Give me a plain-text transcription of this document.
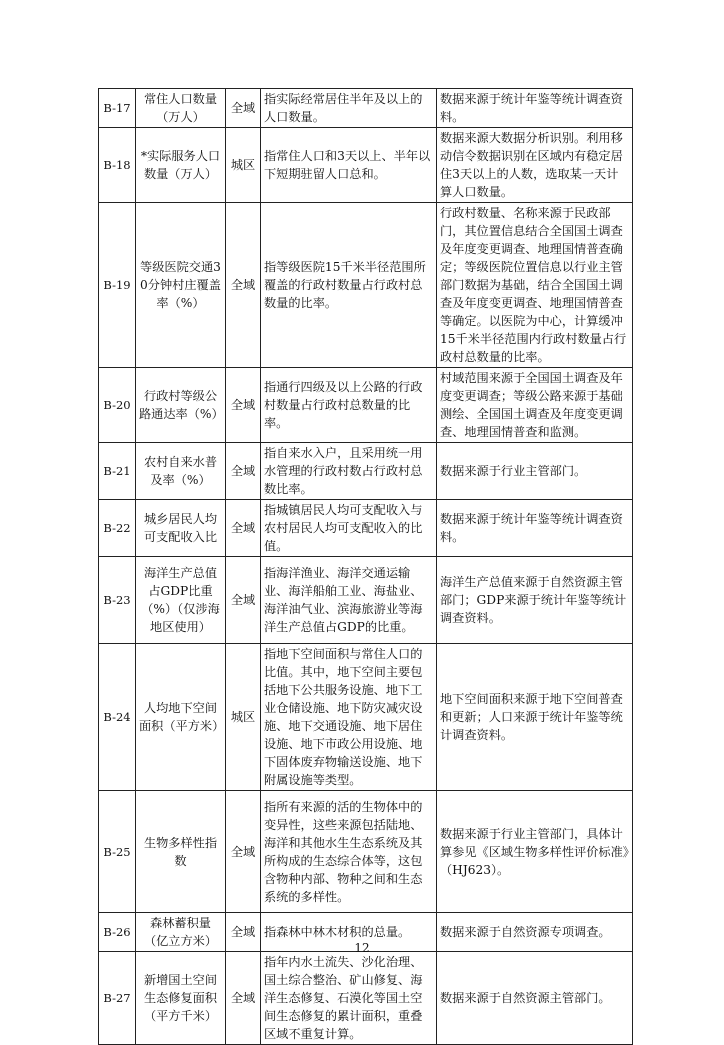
B-17	常住人口数量（万人）	全域	指实际经常居住半年及以上的人口数量。	数据来源于统计年鉴等统计调查资料。
B-18	*实际服务人口数量（万人）	城区	指常住人口和3天以上、半年以下短期驻留人口总和。	数据来源大数据分析识别。利用移动信令数据识别在区域内有稳定居住3天以上的人数，选取某一天计算人口数量。
B-19	等级医院交通30分钟村庄覆盖率（%）	全域	指等级医院15千米半径范围所覆盖的行政村数量占行政村总数量的比率。	行政村数量、名称来源于民政部门，其位置信息结合全国国土调查及年度变更调查、地理国情普查确定；等级医院位置信息以行业主管部门数据为基础，结合全国国土调查及年度变更调查、地理国情普查等确定。以医院为中心，计算缓冲15千米半径范围内行政村数量占行政村总数量的比率。
B-20	行政村等级公路通达率（%）	全域	指通行四级及以上公路的行政村数量占行政村总数量的比率。	村域范围来源于全国国土调查及年度变更调查；等级公路来源于基础测绘、全国国土调查及年度变更调查、地理国情普查和监测。
B-21	农村自来水普及率（%）	全域	指自来水入户，且采用统一用水管理的行政村数占行政村总数比率。	数据来源于行业主管部门。
B-22	城乡居民人均可支配收入比	全域	指城镇居民人均可支配收入与农村居民人均可支配收入的比值。	数据来源于统计年鉴等统计调查资料。
B-23	海洋生产总值占GDP比重（%）（仅涉海地区使用）	全域	指海洋渔业、海洋交通运输业、海洋船舶工业、海盐业、海洋油气业、滨海旅游业等海洋生产总值占GDP的比重。	海洋生产总值来源于自然资源主管部门；GDP来源于统计年鉴等统计调查资料。
B-24	人均地下空间面积（平方米）	城区	指地下空间面积与常住人口的比值。其中，地下空间主要包括地下公共服务设施、地下工业仓储设施、地下防灾减灾设施、地下交通设施、地下居住设施、地下市政公用设施、地下固体废弃物输送设施、地下附属设施等类型。	地下空间面积来源于地下空间普查和更新；人口来源于统计年鉴等统计调查资料。
B-25	生物多样性指数	全域	指所有来源的活的生物体中的变异性，这些来源包括陆地、海洋和其他水生生态系统及其所构成的生态综合体等，这包含物种内部、物种之间和生态系统的多样性。	数据来源于行业主管部门，具体计算参见《区域生物多样性评价标准》（HJ623）。
B-26	森林蓄积量（亿立方米）	全域	指森林中林木材积的总量。	数据来源于自然资源专项调查。
B-27	新增国土空间生态修复面积（平方千米）	全域	指年内水土流失、沙化治理、国土综合整治、矿山修复、海洋生态修复、石漠化等国土空间生态修复的累计面积，重叠区域不重复计算。	数据来源于自然资源主管部门。
12
